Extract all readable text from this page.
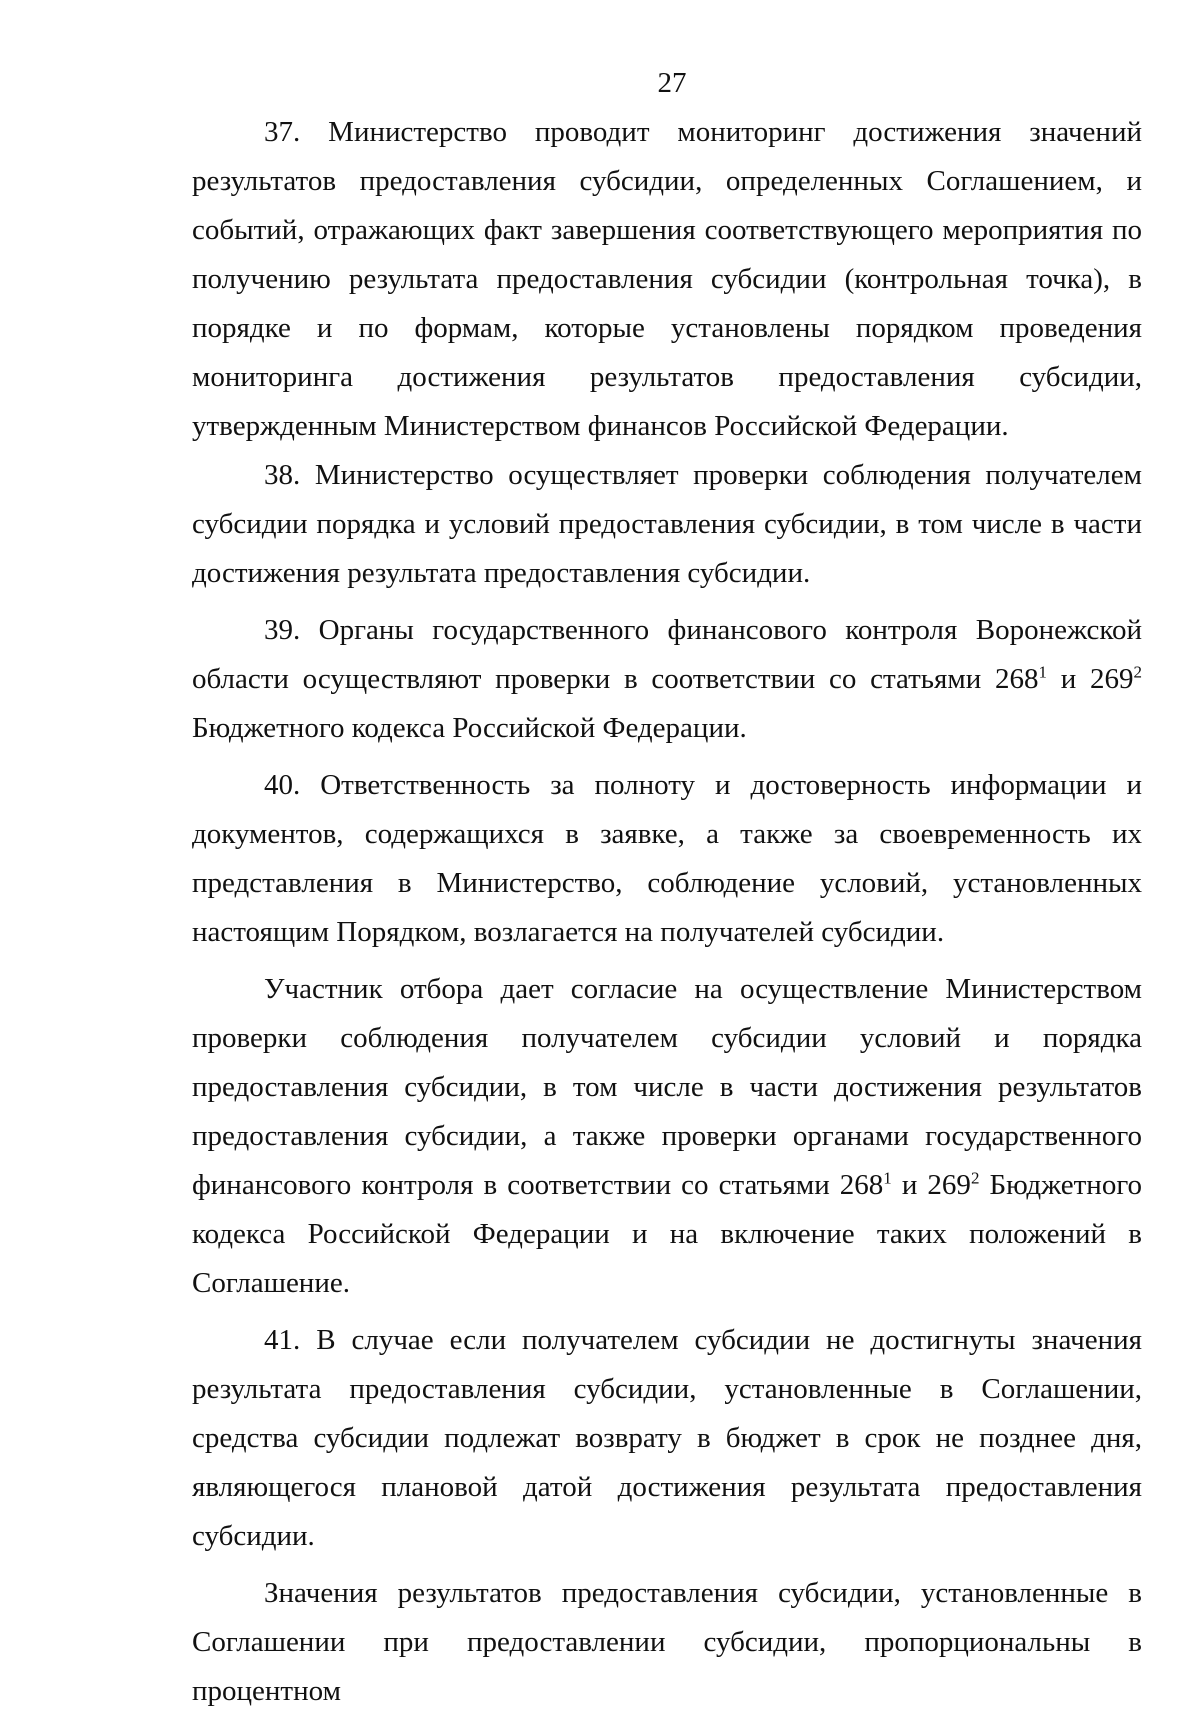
27

37. Министерство проводит мониторинг достижения значений результатов предоставления субсидии, определенных Соглашением, и событий, отражающих факт завершения соответствующего мероприятия по получению результата предоставления субсидии (контрольная точка), в порядке и по формам, которые установлены порядком проведения мониторинга достижения результатов предоставления субсидии, утвержденным Министерством финансов Российской Федерации.

38. Министерство осуществляет проверки соблюдения получателем субсидии порядка и условий предоставления субсидии, в том числе в части достижения результата предоставления субсидии.

39. Органы государственного финансового контроля Воронежской области осуществляют проверки в соответствии со статьями $268^1$ и $269^2$ Бюджетного кодекса Российской Федерации.

40. Ответственность за полноту и достоверность информации и документов, содержащихся в заявке, а также за своевременность их представления в Министерство, соблюдение условий, установленных настоящим Порядком, возлагается на получателей субсидии.

Участник отбора дает согласие на осуществление Министерством проверки соблюдения получателем субсидии условий и порядка предоставления субсидии, в том числе в части достижения результатов предоставления субсидии, а также проверки органами государственного финансового контроля в соответствии со статьями $268^1$ и $269^2$ Бюджетного кодекса Российской Федерации и на включение таких положений в Соглашение.

41. В случае если получателем субсидии не достигнуты значения результата предоставления субсидии, установленные в Соглашении, средства субсидии подлежат возврату в бюджет в срок не позднее дня, являющегося плановой датой достижения результата предоставления субсидии.

Значения результатов предоставления субсидии, установленные в Соглашении при предоставлении субсидии, пропорциональны в процентном
